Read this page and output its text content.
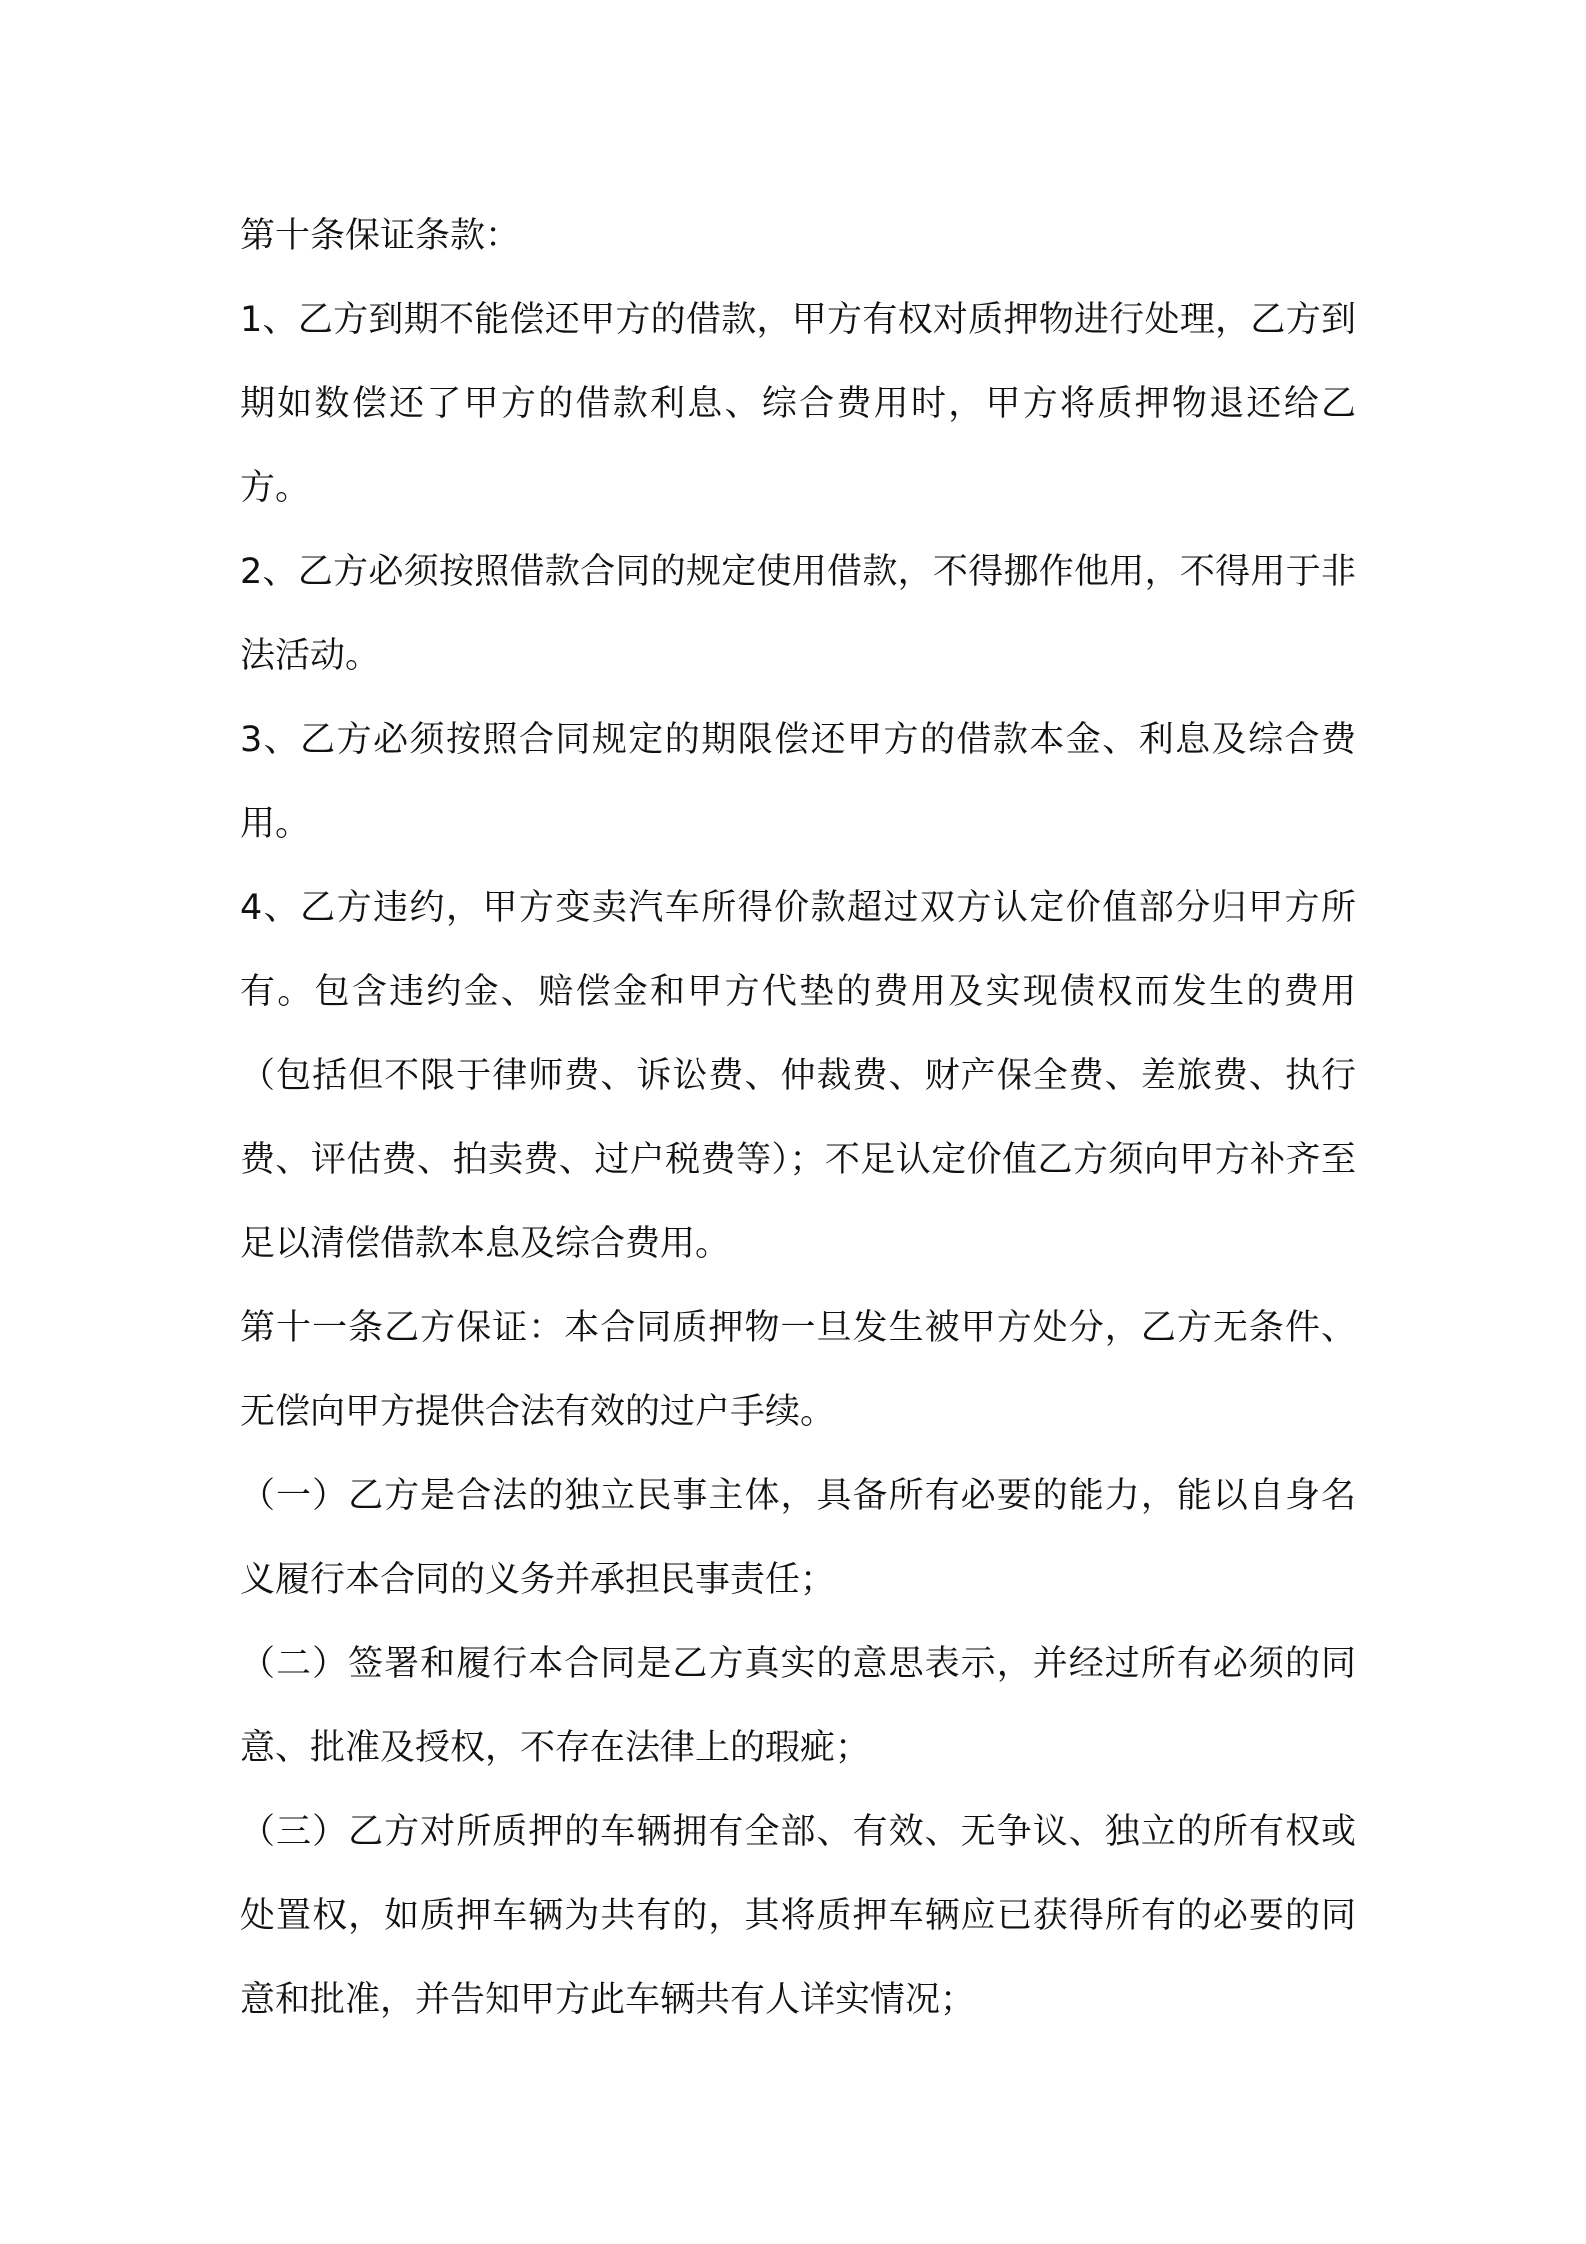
第十条保证条款：

1、乙方到期不能偿还甲方的借款，甲方有权对质押物进行处理，乙方到期如数偿还了甲方的借款利息、综合费用时，甲方将质押物退还给乙方。

2、乙方必须按照借款合同的规定使用借款，不得挪作他用，不得用于非法活动。

3、乙方必须按照合同规定的期限偿还甲方的借款本金、利息及综合费用。

4、乙方违约，甲方变卖汽车所得价款超过双方认定价值部分归甲方所有。包含违约金、赔偿金和甲方代垫的费用及实现债权而发生的费用（包括但不限于律师费、诉讼费、仲裁费、财产保全费、差旅费、执行费、评估费、拍卖费、过户税费等）；不足认定价值乙方须向甲方补齐至足以清偿借款本息及综合费用。

第十一条乙方保证：本合同质押物一旦发生被甲方处分，乙方无条件、无偿向甲方提供合法有效的过户手续。

（一）乙方是合法的独立民事主体，具备所有必要的能力，能以自身名义履行本合同的义务并承担民事责任；

（二）签署和履行本合同是乙方真实的意思表示，并经过所有必须的同意、批准及授权，不存在法律上的瑕疵；

（三）乙方对所质押的车辆拥有全部、有效、无争议、独立的所有权或处置权，如质押车辆为共有的，其将质押车辆应已获得所有的必要的同意和批准，并告知甲方此车辆共有人详实情况；
